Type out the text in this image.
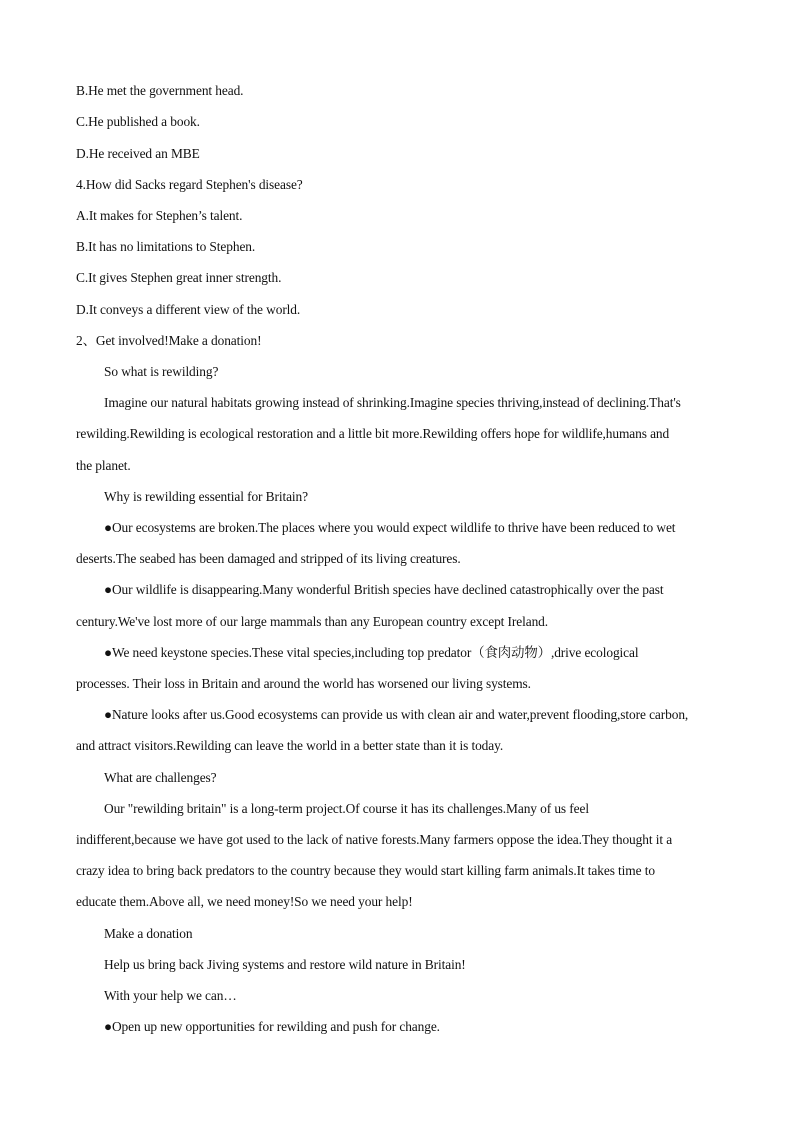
B.He met the government head.
C.He published a book.
D.He received an MBE
4.How did Sacks regard Stephen's disease?
A.It makes for Stephen’s talent.
B.It has no limitations to Stephen.
C.It gives Stephen great inner strength.
D.It conveys a different view of the world.
2、Get involved!Make a donation!
So what is rewilding?
Imagine our natural habitats growing instead of shrinking.Imagine species thriving,instead of declining.That's
rewilding.Rewilding is ecological restoration and a little bit more.Rewilding offers hope for wildlife,humans and
the planet.
Why is rewilding essential for Britain?
●Our ecosystems are broken.The places where you would expect wildlife to thrive have been reduced to wet
deserts.The seabed has been damaged and stripped of its living creatures.
●Our wildlife is disappearing.Many wonderful British species have declined catastrophically over the past
century.We've lost more of our large mammals than any European country except Ireland.
●We need keystone species.These vital species,including top predator（食肉动物）,drive ecological
processes. Their loss in Britain and around the world has worsened our living systems.
●Nature looks after us.Good ecosystems can provide us with clean air and water,prevent flooding,store carbon,
and attract visitors.Rewilding can leave the world in a better state than it is today.
What are challenges?
Our "rewilding britain" is a long-term project.Of course it has its challenges.Many of us feel
indifferent,because we have got used to the lack of native forests.Many farmers oppose the idea.They thought it a
crazy idea to bring back predators to the country because they would start killing farm animals.It takes time to
educate them.Above all, we need money!So we need your help!
Make a donation
Help us bring back Jiving systems and restore wild nature in Britain!
With your help we can…
●Open up new opportunities for rewilding and push for change.
